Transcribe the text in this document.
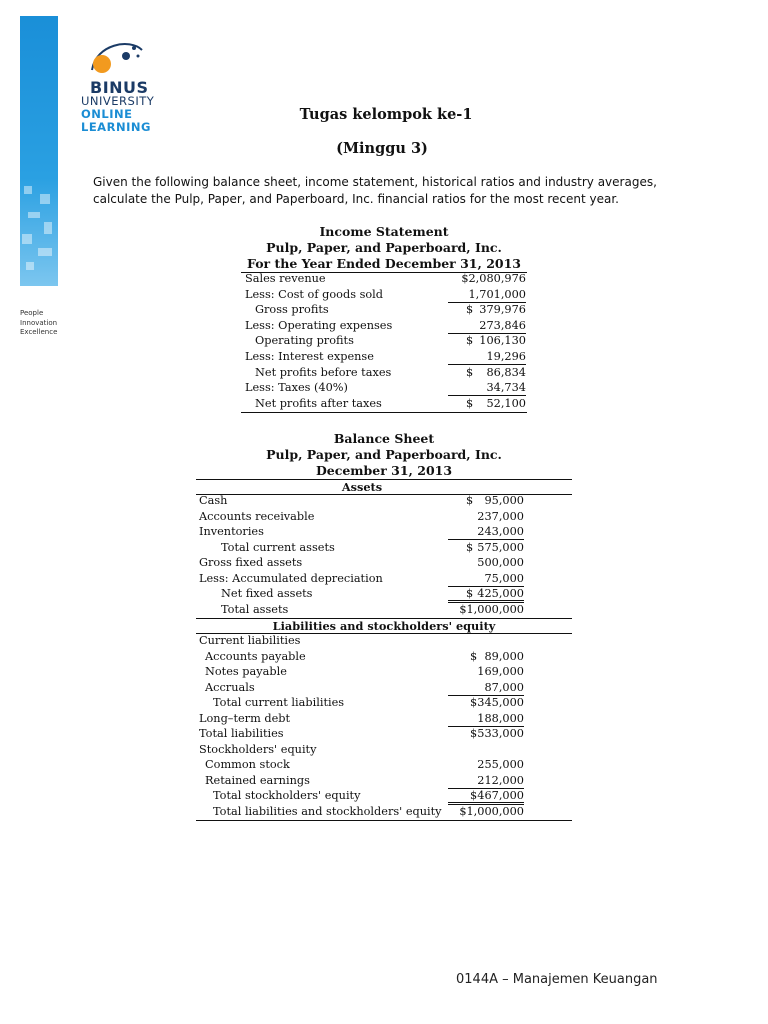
BINUS
UNIVERSITY
ONLINE
LEARNING
People
Innovation
Excellence
Tugas kelompok ke-1
(Minggu 3)
Given the following balance sheet, income statement, historical ratios and industry averages, calculate the Pulp, Paper, and Paperboard, Inc. financial ratios for the most recent year.
Income Statement
Pulp, Paper, and Paperboard, Inc.
For the Year Ended December 31, 2013
Sales revenue	$2,080,976
Less: Cost of goods sold	1,701,000
Gross profits	$ 379,976
Less: Operating expenses	273,846
Operating profits	$ 106,130
Less: Interest expense	19,296
Net profits before taxes	$	86,834
Less: Taxes (40%)	34,734
Net profits after taxes	$	52,100
Balance Sheet
Pulp, Paper, and Paperboard, Inc.
December 31, 2013
Assets
Cash	$ 95,000
Accounts receivable	237,000
Inventories	243,000
Total current assets	$ 575,000
Gross fixed assets	500,000
Less: Accumulated depreciation	75,000
Net fixed assets	$ 425,000
Total assets	$1,000,000
Liabilities and stockholders' equity
Current liabilities
Accounts payable	$ 89,000
Notes payable	169,000
Accruals	87,000
Total current liabilities	$ 345,000
Long–term debt	188,000
Total liabilities	$ 533,000
Stockholders' equity
Common stock	255,000
Retained earnings	212,000
Total stockholders' equity	$ 467,000
Total liabilities and stockholders' equity	$1,000,000
0144A – Manajemen Keuangan
